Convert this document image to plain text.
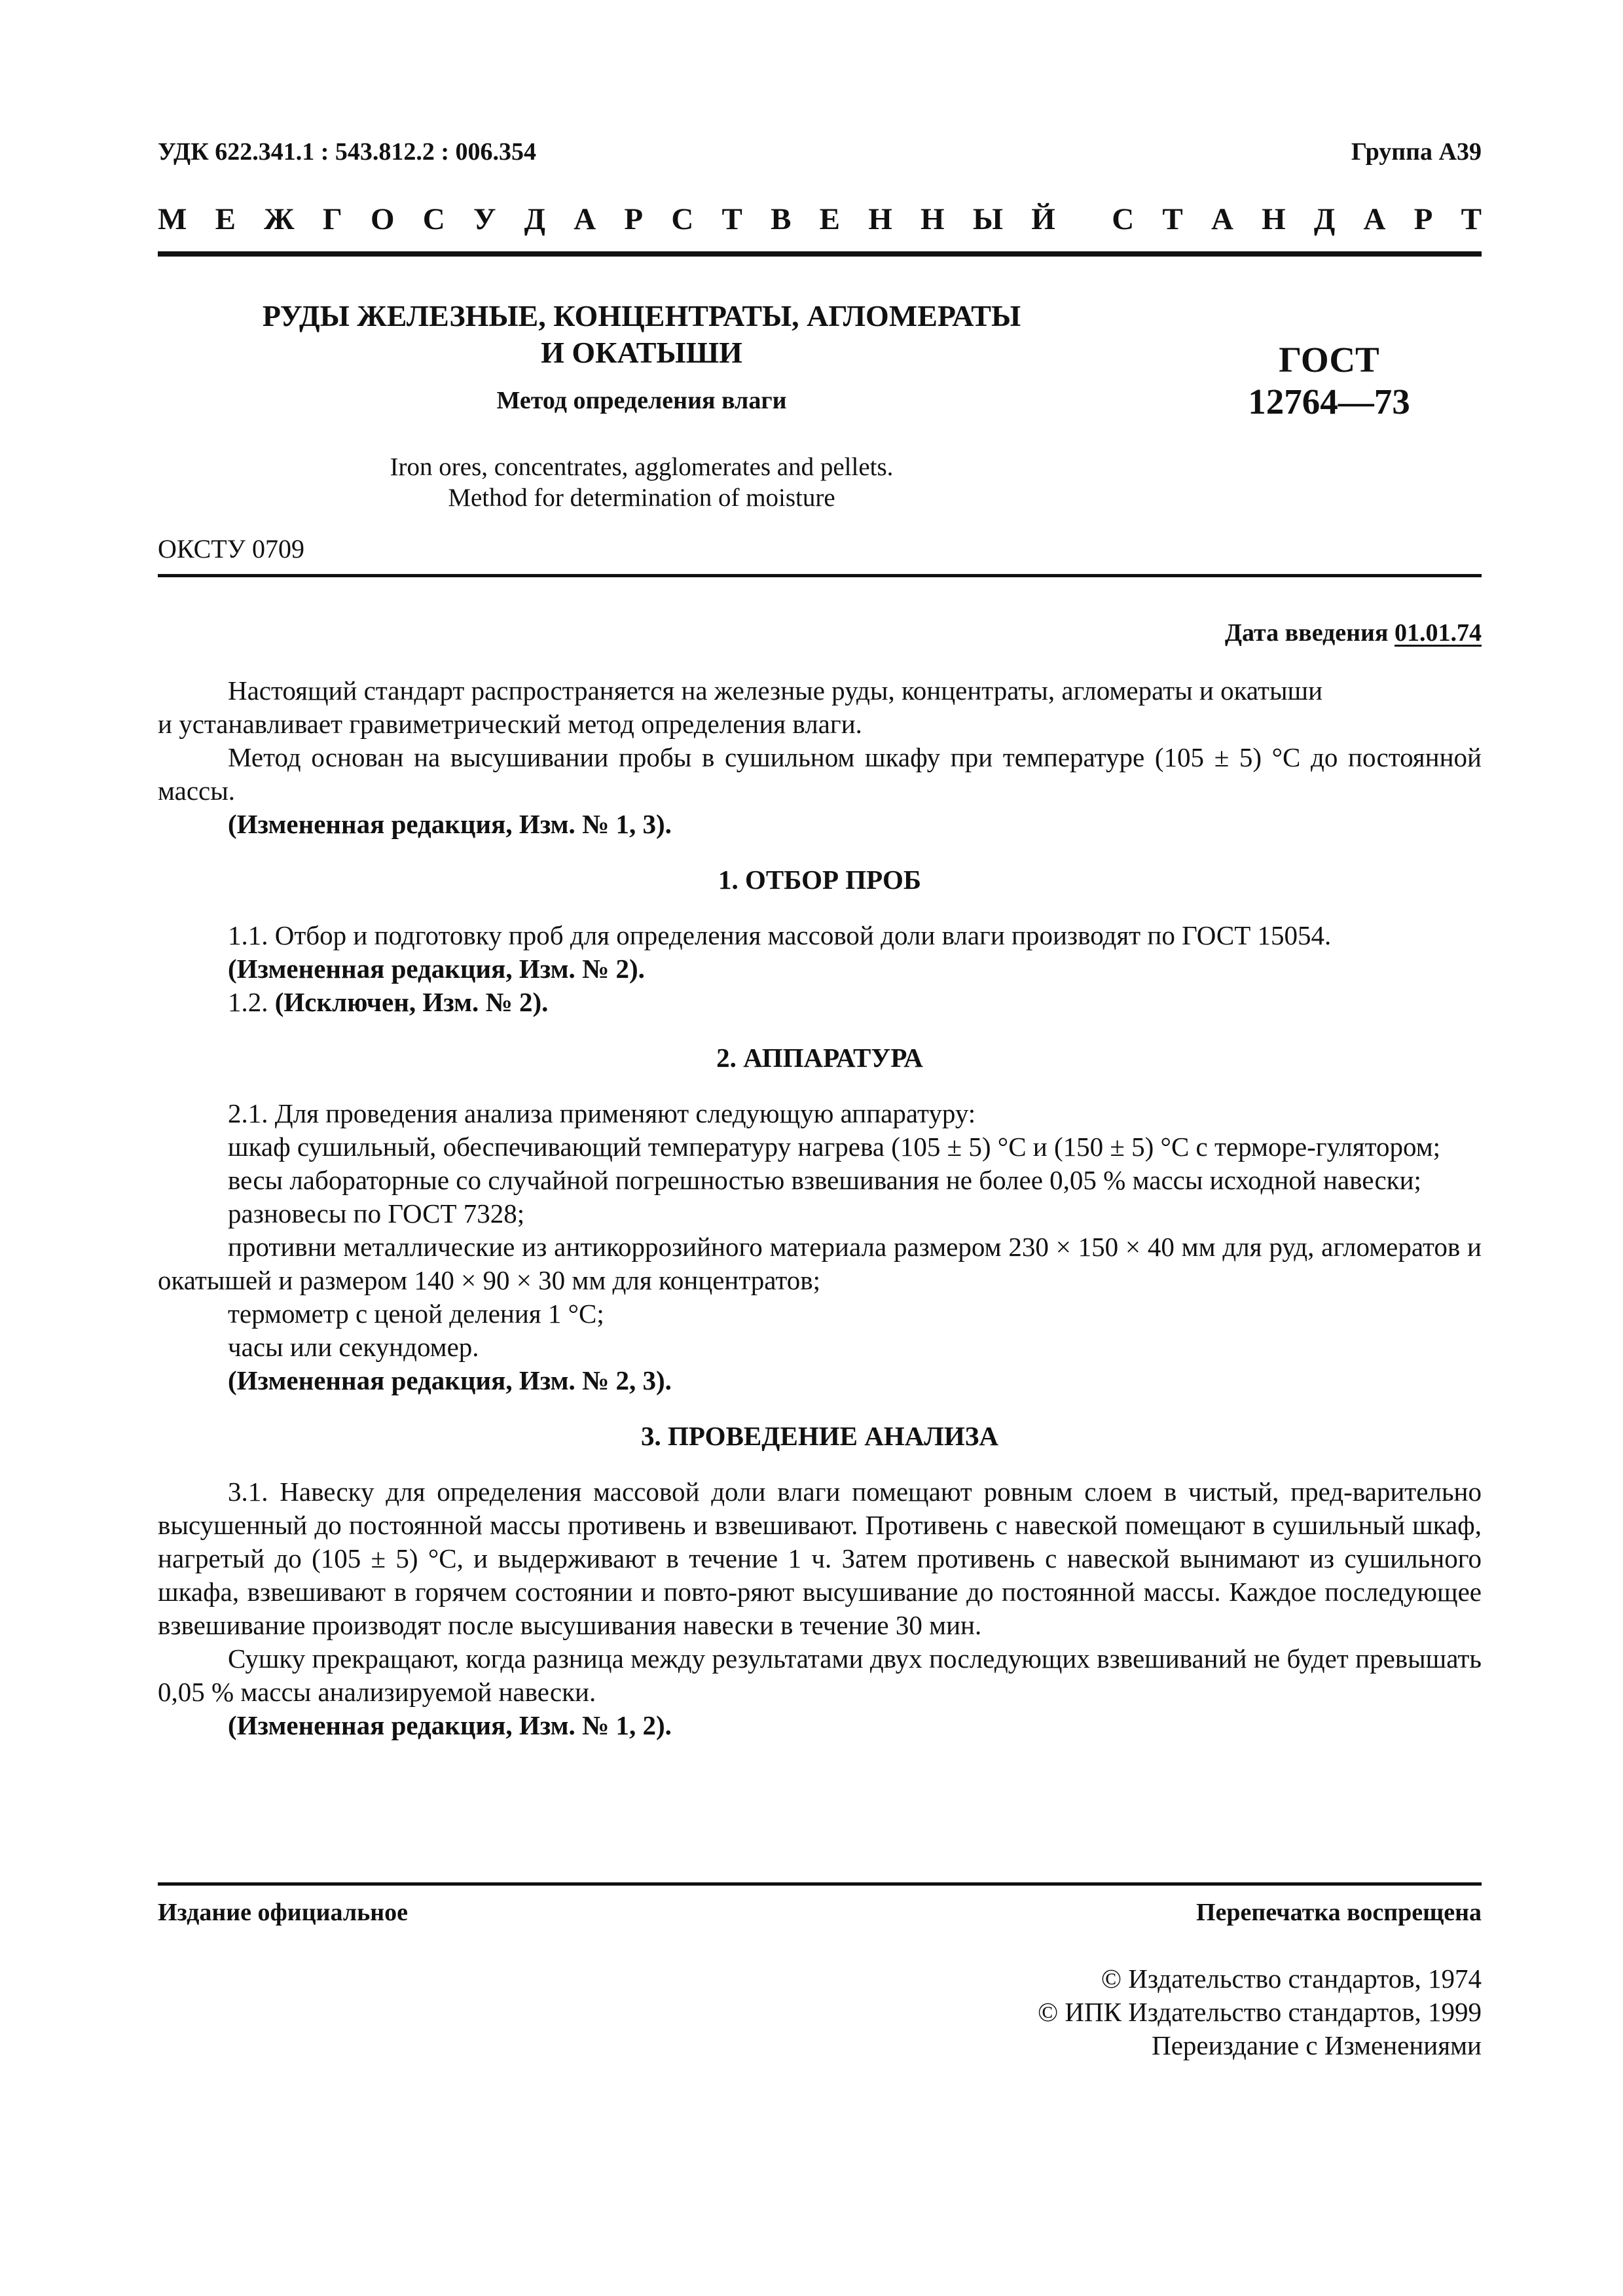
УДК 622.341.1 : 543.812.2 : 006.354	Группа А39
М Е Ж Г О С У Д А Р С Т В Е Н Н Ы Й С Т А Н Д А Р Т
РУДЫ ЖЕЛЕЗНЫЕ, КОНЦЕНТРАТЫ, АГЛОМЕРАТЫ
И ОКАТЫШИ
Метод определения влаги
Iron ores, concentrates, agglomerates and pellets.
Method for determination of moisture
ГОСТ
12764—73
ОКСТУ 0709
Дата введения 01.01.74

Настоящий стандарт распространяется на железные руды, концентраты, агломераты и окатыши
и устанавливает гравиметрический метод определения влаги.

Метод основан на высушивании пробы в сушильном шкафу при температуре (105 ± 5) °С до постоянной массы.

(Измененная редакция, Изм. № 1, 3).

1. ОТБОР ПРОБ

1.1. Отбор и подготовку проб для определения массовой доли влаги производят по ГОСТ 15054.

(Измененная редакция, Изм. № 2).

1.2. (Исключен, Изм. № 2).

2. АППАРАТУРА

2.1. Для проведения анализа применяют следующую аппаратуру:

шкаф сушильный, обеспечивающий температуру нагрева (105 ± 5) °С и (150 ± 5) °С с терморе-гулятором;

весы лабораторные со случайной погрешностью взвешивания не более 0,05 % массы исходной навески;

разновесы по ГОСТ 7328;

противни металлические из антикоррозийного материала размером 230 × 150 × 40 мм для руд, агломератов и окатышей и размером 140 × 90 × 30 мм для концентратов;

термометр с ценой деления 1 °С;

часы или секундомер.

(Измененная редакция, Изм. № 2, 3).

3. ПРОВЕДЕНИЕ АНАЛИЗА

3.1. Навеску для определения массовой доли влаги помещают ровным слоем в чистый, пред-варительно высушенный до постоянной массы противень и взвешивают. Противень с навеской помещают в сушильный шкаф, нагретый до (105 ± 5) °С, и выдерживают в течение 1 ч. Затем противень с навеской вынимают из сушильного шкафа, взвешивают в горячем состоянии и повто-ряют высушивание до постоянной массы. Каждое последующее взвешивание производят после высушивания навески в течение 30 мин.

Сушку прекращают, когда разница между результатами двух последующих взвешиваний не будет превышать 0,05 % массы анализируемой навески.

(Измененная редакция, Изм. № 1, 2).

Издание официальное	Перепечатка воспрещена
© Издательство стандартов, 1974
© ИПК Издательство стандартов, 1999
Переиздание с Изменениями
